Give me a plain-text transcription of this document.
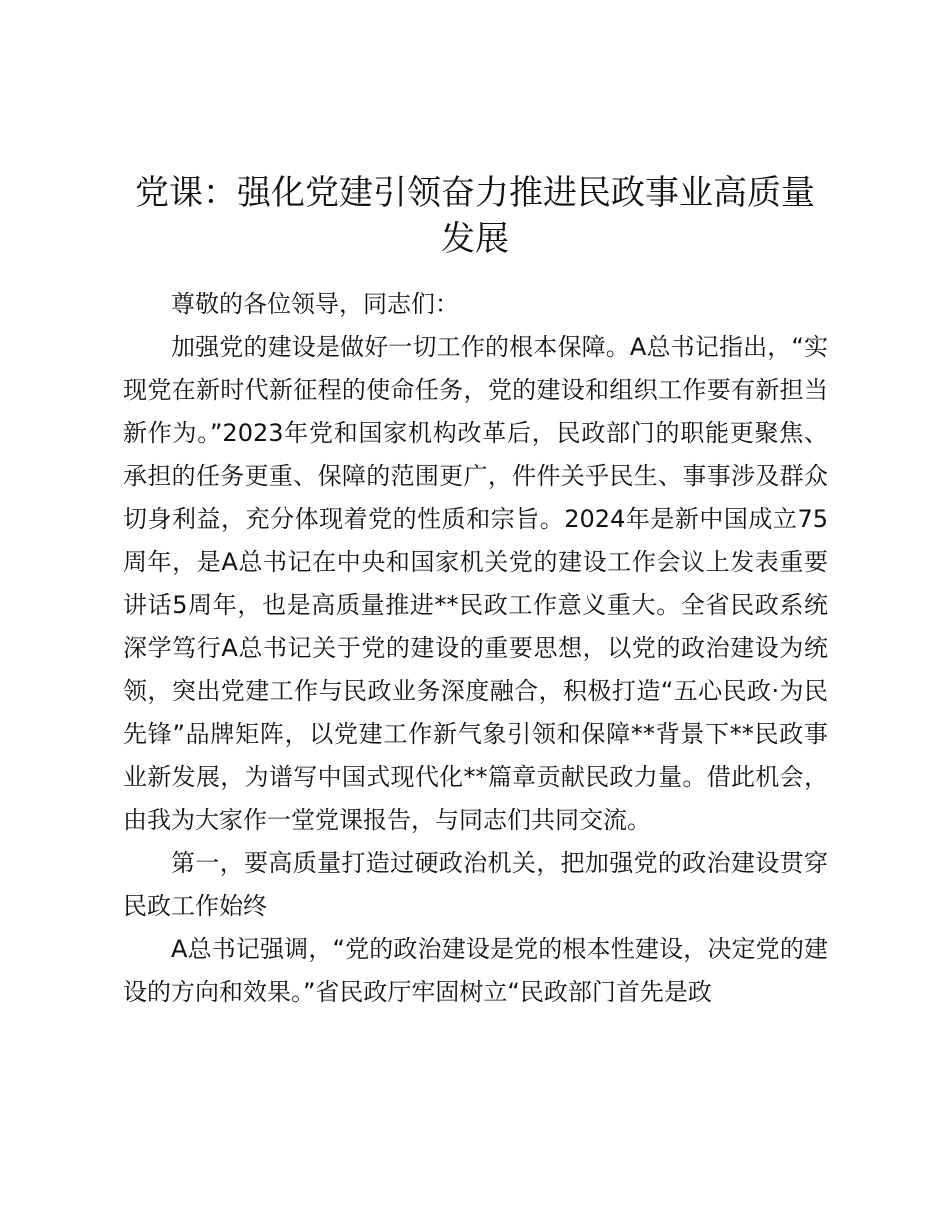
党课：强化党建引领奋力推进民政事业高质量发展

尊敬的各位领导，同志们：

加强党的建设是做好一切工作的根本保障。A总书记指出，“实现党在新时代新征程的使命任务，党的建设和组织工作要有新担当新作为。”2023年党和国家机构改革后，民政部门的职能更聚焦、承担的任务更重、保障的范围更广，件件关乎民生、事事涉及群众切身利益，充分体现着党的性质和宗旨。2024年是新中国成立75周年，是A总书记在中央和国家机关党的建设工作会议上发表重要讲话5周年，也是高质量推进**民政工作意义重大。全省民政系统深学笃行A总书记关于党的建设的重要思想，以党的政治建设为统领，突出党建工作与民政业务深度融合，积极打造“五心民政·为民先锋”品牌矩阵，以党建工作新气象引领和保障**背景下**民政事业新发展，为谱写中国式现代化**篇章贡献民政力量。借此机会，由我为大家作一堂党课报告，与同志们共同交流。

第一，要高质量打造过硬政治机关，把加强党的政治建设贯穿民政工作始终

A总书记强调，“党的政治建设是党的根本性建设，决定党的建设的方向和效果。”省民政厅牢固树立“民政部门首先是政
